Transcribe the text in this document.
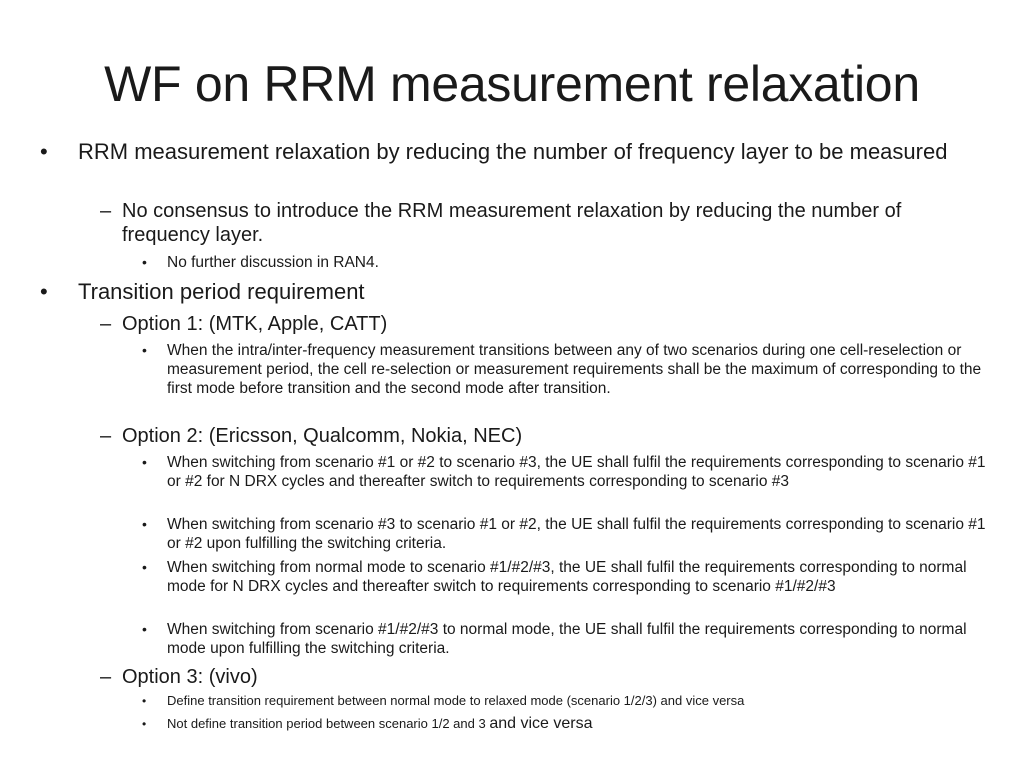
WF on RRM measurement relaxation
• RRM measurement relaxation by reducing the number of frequency layer to be measured
– No consensus to introduce the RRM measurement relaxation by reducing the number of frequency layer.
• No further discussion in RAN4.
• Transition period requirement
– Option 1: (MTK, Apple, CATT)
• When the intra/inter-frequency measurement transitions between any of two scenarios during one cell-reselection or measurement period, the cell re-selection or measurement requirements shall be the maximum of corresponding to the first mode before transition and the second mode after transition.
– Option 2: (Ericsson, Qualcomm, Nokia, NEC)
• When switching from scenario #1 or #2 to scenario #3, the UE shall fulfil the requirements corresponding to scenario #1 or #2 for N DRX cycles and thereafter switch to requirements corresponding to scenario #3
• When switching from scenario #3 to scenario #1 or #2, the UE shall fulfil the requirements corresponding to scenario #1 or #2 upon fulfilling the switching criteria.
• When switching from normal mode to scenario #1/#2/#3, the UE shall fulfil the requirements corresponding to normal mode for N DRX cycles and thereafter switch to requirements corresponding to scenario #1/#2/#3
• When switching from scenario #1/#2/#3 to normal mode, the UE shall fulfil the requirements corresponding to normal mode upon fulfilling the switching criteria.
– Option 3: (vivo)
• Define transition requirement between normal mode to relaxed mode (scenario 1/2/3) and vice versa
• Not define transition period between scenario 1/2 and 3 and vice versa
